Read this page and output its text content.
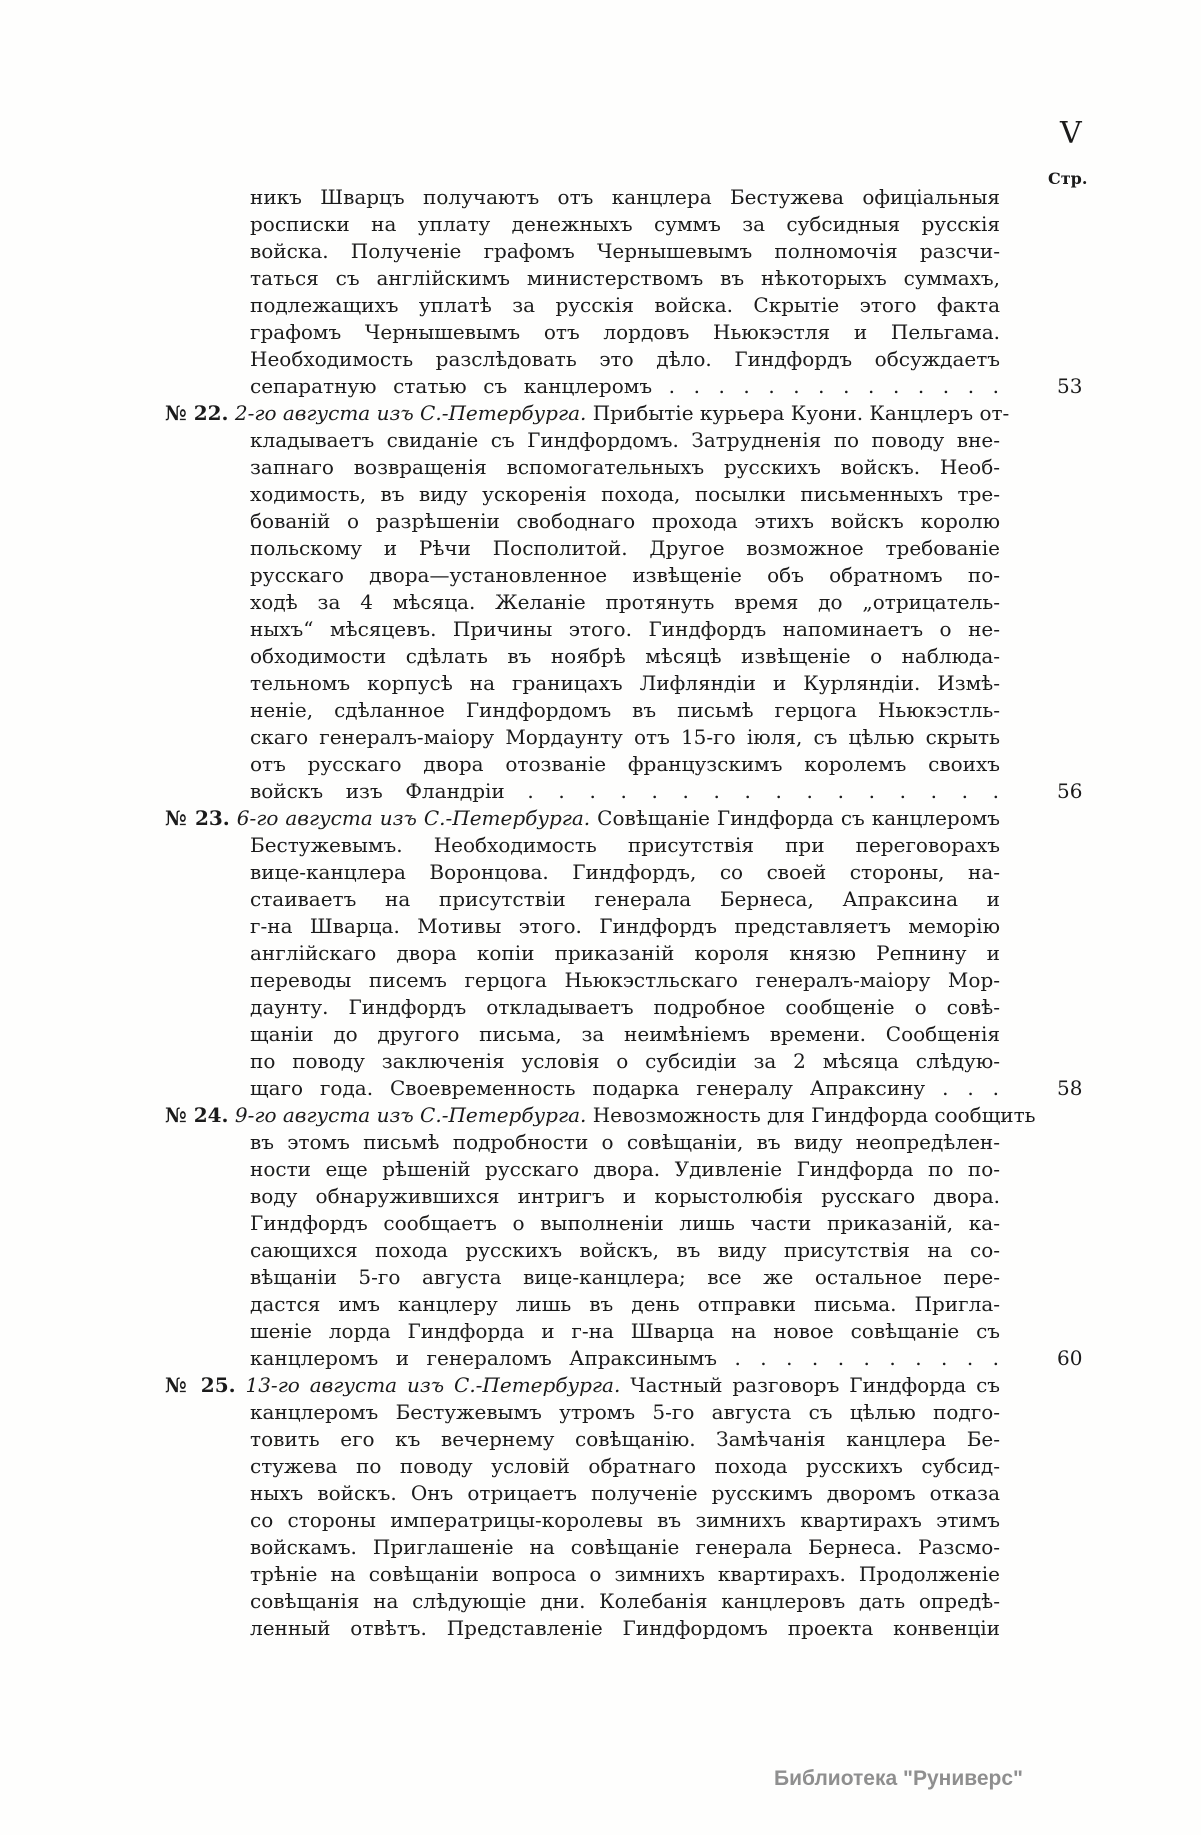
V
Стр.
никъ Шварцъ получаютъ отъ канцлера Бестужева офиціальныя
росписки на уплату денежныхъ суммъ за субсидныя русскія
войска. Полученіе графомъ Чернышевымъ полномочія разсчи-
таться съ англійскимъ министерствомъ въ нѣкоторыхъ суммахъ,
подлежащихъ уплатѣ за русскія войска. Скрытіе этого факта
графомъ Чернышевымъ отъ лордовъ Ньюкэстля и Пельгама.
Необходимость разслѣдовать это дѣло. Гиндфордъ обсуждаетъ
сепаратную статью съ канцлеромъ . . . . . . . . . . . . . .	53
№ 22. 2-го августа изъ С.-Петербурга. Прибытіе курьера Куони. Канцлеръ от-
кладываетъ свиданіе съ Гиндфордомъ. Затрудненія по поводу вне-
запнаго возвращенія вспомогательныхъ русскихъ войскъ. Необ-
ходимость, въ виду ускоренія похода, посылки письменныхъ тре-
бованій о разрѣшеніи свободнаго прохода этихъ войскъ королю
польскому и Рѣчи Посполитой. Другое возможное требованіе
русскаго двора—установленное извѣщеніе объ обратномъ по-
ходѣ за 4 мѣсяца. Желаніе протянуть время до „отрицатель-
ныхъ“ мѣсяцевъ. Причины этого. Гиндфордъ напоминаетъ о не-
обходимости сдѣлать въ ноябрѣ мѣсяцѣ извѣщеніе о наблюда-
тельномъ корпусѣ на границахъ Лифляндіи и Курляндіи. Измѣ-
неніе, сдѣланное Гиндфордомъ въ письмѣ герцога Ньюкэстль-
скаго генералъ-маіору Мордаунту отъ 15-го іюля, съ цѣлью скрыть
отъ русскаго двора отозваніе французскимъ королемъ своихъ
войскъ изъ Фландріи . . . . . . . . . . . . . . . .	56
№ 23. 6-го августа изъ С.-Петербурга. Совѣщаніе Гиндфорда съ канцлеромъ
Бестужевымъ. Необходимость присутствія при переговорахъ
вице-канцлера Воронцова. Гиндфордъ, со своей стороны, на-
стаиваетъ на присутствіи генерала Бернеса, Апраксина и
г-на Шварца. Мотивы этого. Гиндфордъ представляетъ меморію
англійскаго двора копіи приказаній короля князю Репнину и
переводы писемъ герцога Ньюкэстльскаго генералъ-маіору Мор-
даунту. Гиндфордъ откладываетъ подробное сообщеніе о совѣ-
щаніи до другого письма, за неимѣніемъ времени. Сообщенія
по поводу заключенія условія о субсидіи за 2 мѣсяца слѣдую-
щаго года. Своевременность подарка генералу Апраксину . . .	58
№ 24. 9-го августа изъ С.-Петербурга. Невозможность для Гиндфорда сообщить
въ этомъ письмѣ подробности о совѣщаніи, въ виду неопредѣлен-
ности еще рѣшеній русскаго двора. Удивленіе Гиндфорда по по-
воду обнаружившихся интригъ и корыстолюбія русскаго двора.
Гиндфордъ сообщаетъ о выполненіи лишь части приказаній, ка-
сающихся похода русскихъ войскъ, въ виду присутствія на со-
вѣщаніи 5-го августа вице-канцлера; все же остальное пере-
дастся имъ канцлеру лишь въ день отправки письма. Пригла-
шеніе лорда Гиндфорда и г-на Шварца на новое совѣщаніе съ
канцлеромъ и генераломъ Апраксинымъ . . . . . . . . . . .	60
№ 25. 13-го августа изъ С.-Петербурга. Частный разговоръ Гиндфорда съ
канцлеромъ Бестужевымъ утромъ 5-го августа съ цѣлью подго-
товить его къ вечернему совѣщанію. Замѣчанія канцлера Бе-
стужева по поводу условій обратнаго похода русскихъ субсид-
ныхъ войскъ. Онъ отрицаетъ полученіе русскимъ дворомъ отказа
со стороны императрицы-королевы въ зимнихъ квартирахъ этимъ
войскамъ. Приглашеніе на совѣщаніе генерала Бернеса. Разсмо-
трѣніе на совѣщаніи вопроса о зимнихъ квартирахъ. Продолженіе
совѣщанія на слѣдующіе дни. Колебанія канцлеровъ дать опредѣ-
ленный отвѣтъ. Представленіе Гиндфордомъ проекта конвенціи
Библиотека "Руниверс"
